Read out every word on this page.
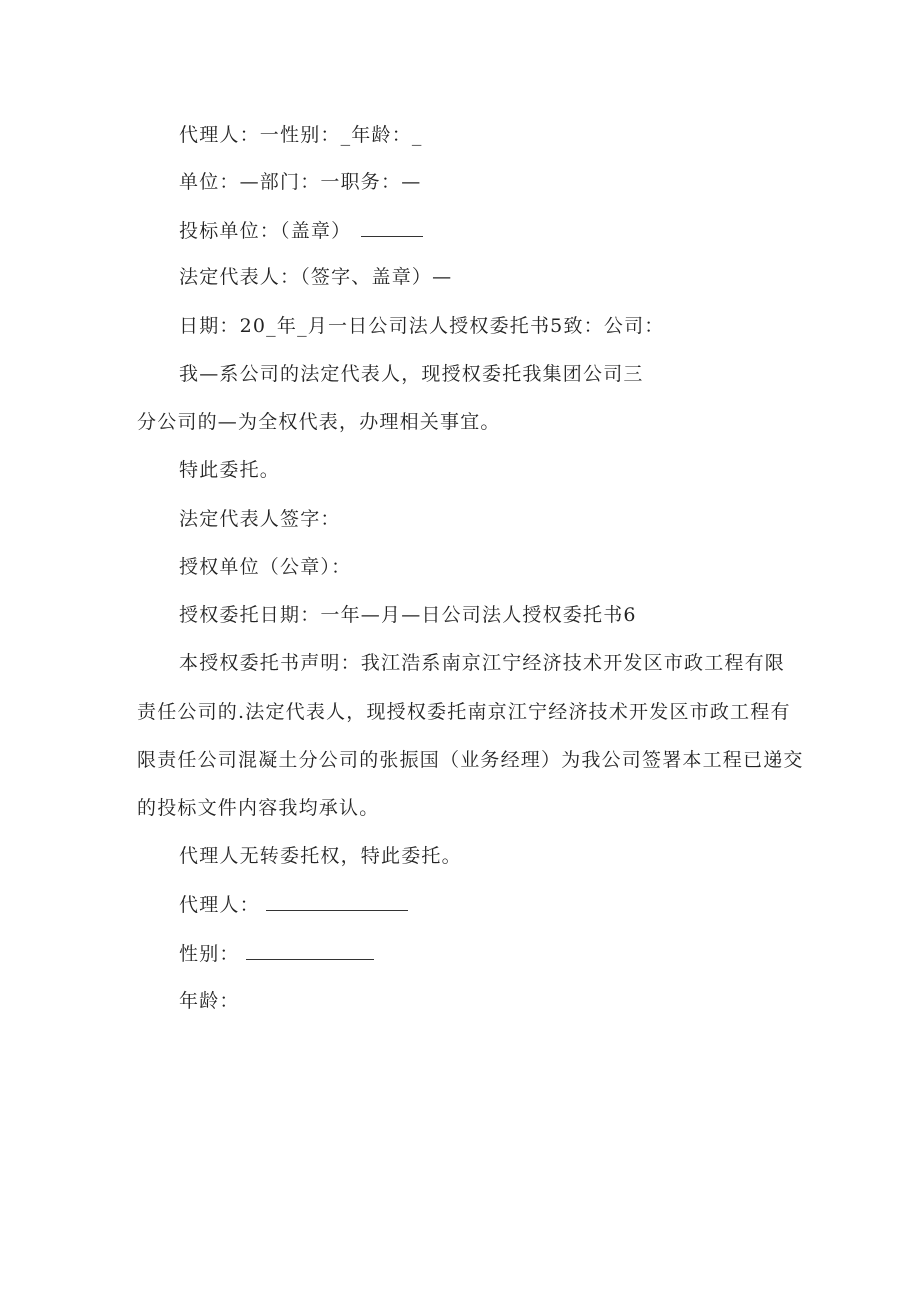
代理人：一性别：_年龄：_
单位：—部门：一职务：—
投标单位：（盖章）
法定代表人：（签字、盖章）—
日期：20_年_月一日公司法人授权委托书5致：公司：
我—系公司的法定代表人，现授权委托我集团公司三
分公司的—为全权代表，办理相关事宜。
特此委托。
法定代表人签字：
授权单位（公章）：
授权委托日期：一年—月—日公司法人授权委托书6
本授权委托书声明：我江浩系南京江宁经济技术开发区市政工程有限
责任公司的.法定代表人，现授权委托南京江宁经济技术开发区市政工程有
限责任公司混凝土分公司的张振国（业务经理）为我公司签署本工程已递交
的投标文件内容我均承认。
代理人无转委托权，特此委托。
代理人：
性别：
年龄：
